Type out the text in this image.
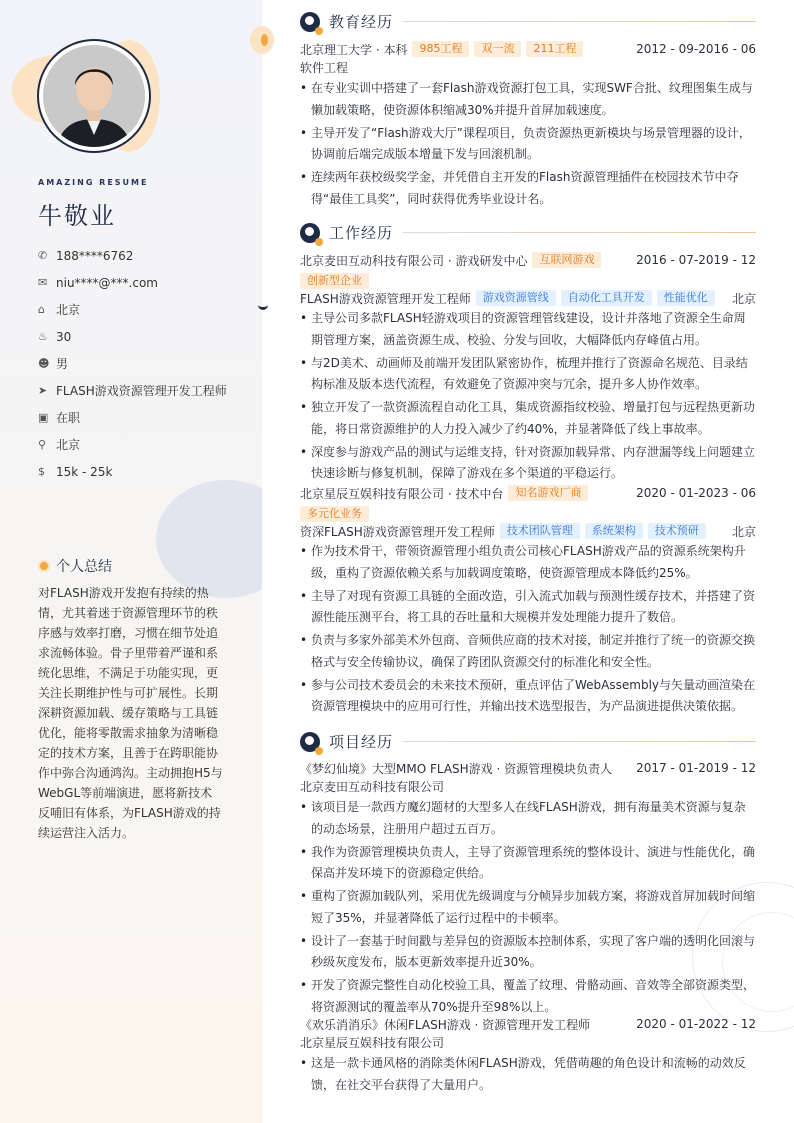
AMAZING RESUME
牛敬业
✆ 188****6762
✉ niu****@***.com
⌂ 北京
♨ 30
☻ 男
➤ FLASH游戏资源管理开发工程师
▣ 在职
⚲ 北京
$ 15k - 25k
个人总结
对FLASH游戏开发抱有持续的热情，尤其着迷于资源管理环节的秩序感与效率打磨，习惯在细节处追求流畅体验。骨子里带着严谨和系统化思维，不满足于功能实现，更关注长期维护性与可扩展性。长期深耕资源加载、缓存策略与工具链优化，能将零散需求抽象为清晰稳定的技术方案，且善于在跨职能协作中弥合沟通鸿沟。主动拥抱H5与WebGL等前端演进，愿将新技术反哺旧有体系，为FLASH游戏的持续运营注入活力。
教育经历
北京理工大学 · 本科	985工程	双一流	211工程	2012 - 09-2016 - 06
软件工程
• 在专业实训中搭建了一套Flash游戏资源打包工具，实现SWF合批、纹理图集生成与懒加载策略，使资源体积缩减30%并提升首屏加载速度。
• 主导开发了“Flash游戏大厅”课程项目，负责资源热更新模块与场景管理器的设计，协调前后端完成版本增量下发与回滚机制。
• 连续两年获校级奖学金，并凭借自主开发的Flash资源管理插件在校园技术节中夺得“最佳工具奖”，同时获得优秀毕业设计名。
工作经历
北京麦田互动科技有限公司 · 游戏研发中心	互联网游戏	2016 - 07-2019 - 12
创新型企业
FLASH游戏资源管理开发工程师	游戏资源管线	自动化工具开发	性能优化	北京
• 主导公司多款FLASH轻游戏项目的资源管理管线建设，设计并落地了资源全生命周期管理方案，涵盖资源生成、校验、分发与回收，大幅降低内存峰值占用。
• 与2D美术、动画师及前端开发团队紧密协作，梳理并推行了资源命名规范、目录结构标准及版本迭代流程，有效避免了资源冲突与冗余，提升多人协作效率。
• 独立开发了一款资源流程自动化工具，集成资源指纹校验、增量打包与远程热更新功能，将日常资源维护的人力投入减少了约40%，并显著降低了线上事故率。
• 深度参与游戏产品的测试与运维支持，针对资源加载异常、内存泄漏等线上问题建立快速诊断与修复机制，保障了游戏在多个渠道的平稳运行。
北京星辰互娱科技有限公司 · 技术中台	知名游戏厂商	2020 - 01-2023 - 06
多元化业务
资深FLASH游戏资源管理开发工程师	技术团队管理	系统架构	技术预研	北京
• 作为技术骨干，带领资源管理小组负责公司核心FLASH游戏产品的资源系统架构升级，重构了资源依赖关系与加载调度策略，使资源管理成本降低约25%。
• 主导了对现有资源工具链的全面改造，引入流式加载与预测性缓存技术，并搭建了资源性能压测平台，将工具的吞吐量和大规模并发处理能力提升了数倍。
• 负责与多家外部美术外包商、音频供应商的技术对接，制定并推行了统一的资源交换格式与安全传输协议，确保了跨团队资源交付的标准化和安全性。
• 参与公司技术委员会的未来技术预研，重点评估了WebAssembly与矢量动画渲染在资源管理模块中的应用可行性，并输出技术选型报告，为产品演进提供决策依据。
项目经历
《梦幻仙境》大型MMO FLASH游戏 · 资源管理模块负责人 2017 - 01-2019 - 12
北京麦田互动科技有限公司
• 该项目是一款西方魔幻题材的大型多人在线FLASH游戏，拥有海量美术资源与复杂的动态场景，注册用户超过五百万。
• 我作为资源管理模块负责人，主导了资源管理系统的整体设计、演进与性能优化，确保高并发环境下的资源稳定供给。
• 重构了资源加载队列，采用优先级调度与分帧异步加载方案，将游戏首屏加载时间缩短了35%，并显著降低了运行过程中的卡顿率。
• 设计了一套基于时间戳与差异包的资源版本控制体系，实现了客户端的透明化回滚与秒级灰度发布，版本更新效率提升近30%。
• 开发了资源完整性自动化校验工具，覆盖了纹理、骨骼动画、音效等全部资源类型，将资源测试的覆盖率从70%提升至98%以上。
《欢乐消消乐》休闲FLASH游戏 · 资源管理开发工程师	2020 - 01-2022 - 12
北京星辰互娱科技有限公司
• 这是一款卡通风格的消除类休闲FLASH游戏，凭借萌趣的角色设计和流畅的动效反馈，在社交平台获得了大量用户。
